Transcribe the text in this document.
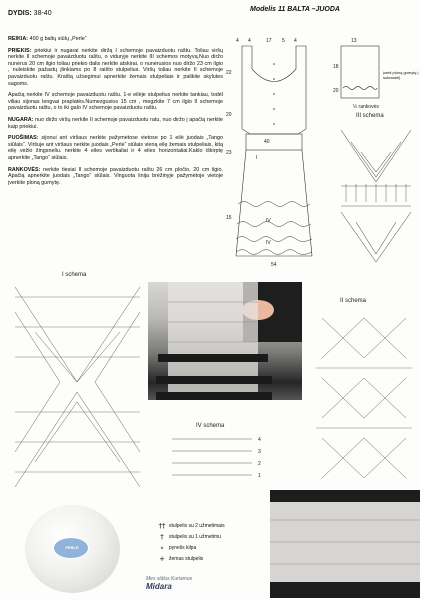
Modelis 11 BALTA –JUODA
DYDIS: 38-40

REIKIA: 400 g baltų siūlų „Perle“

PRIEKIS: priekiui ir nugarai nerkite diržą I schemoje pavaizduotu raštu. Toliau viršų nerkite II schemoje pavaizduotu raštu, o viduryje nerkite III schemos motyvą.Nuo diržo nunėrus 20 cm ilgio toliau priekio dalis nerkite atskirai, o nunėrusios nuo diržo 23 cm ilgio , nuleiskite pažastų įlinkiams po 8 raišto stulpelius. Viršų toliau nerkite II schemoje pavaizduotu raštu. Kraštą užsegimui apnerkite žemais stulpeliais ir palikite skylutes sagoms.

Apačią nerkite IV schemoje pavaizduotu raštu. 1-e eilėje stulpelius nerkite tankiau, todėl viliau sijonas lengvai praplatės.Numezgusios 15 cm , megzkite 7 cm ilgio II schemoje pavaizduotu raštu, o to iki galo IV schemoje pavaizduotu raštu.

NUGARA: nuo diržo viršų nerkite II schemoje pavaizduotu ratu, nuo diržo į apačią nerkite kaip priekiui.

PUOŠIMAS: sijonui ant viršaus nerkite pažymėtose vietose po 1 eilė juodais „Tango siūlais“. Viršuje ant viršaus nerkite juodais „Perle“ siūlais vieną eilę žemais stulpeliais, kitą eilę vėžio žingsneliu. nerkite 4 eiles vertikaliai ir 4 eiles horizontaliai.Kaklo iškirptę apnerkite „Tango“ siūlais.

RANKOVĖS: nerkite tiesiai II schemoje pavaizduotu raštu 26 cm pločio, 20 cm ilgio. Apačią apnerkite juodais „Tango“ siūlais. Vinguota linija brėžinyje pažymėtoje vietoje įverkite ploną gumytę.

4 4	17 5 4
22
20
23
15
40
I
IV
IV
54
13
18
20
½ rankovės
įverti ploną gumytę į sukraukti)
III schema
I schema
II schema
IV schema
4
3
2
1
PERLE
†† stulpelis su 2 užmetimais
†	stulpelis su 1 užmetimu
∘ pynelis kilpa
+ žemas stulpelis
Mes siūlus Kuriamos
Midara
